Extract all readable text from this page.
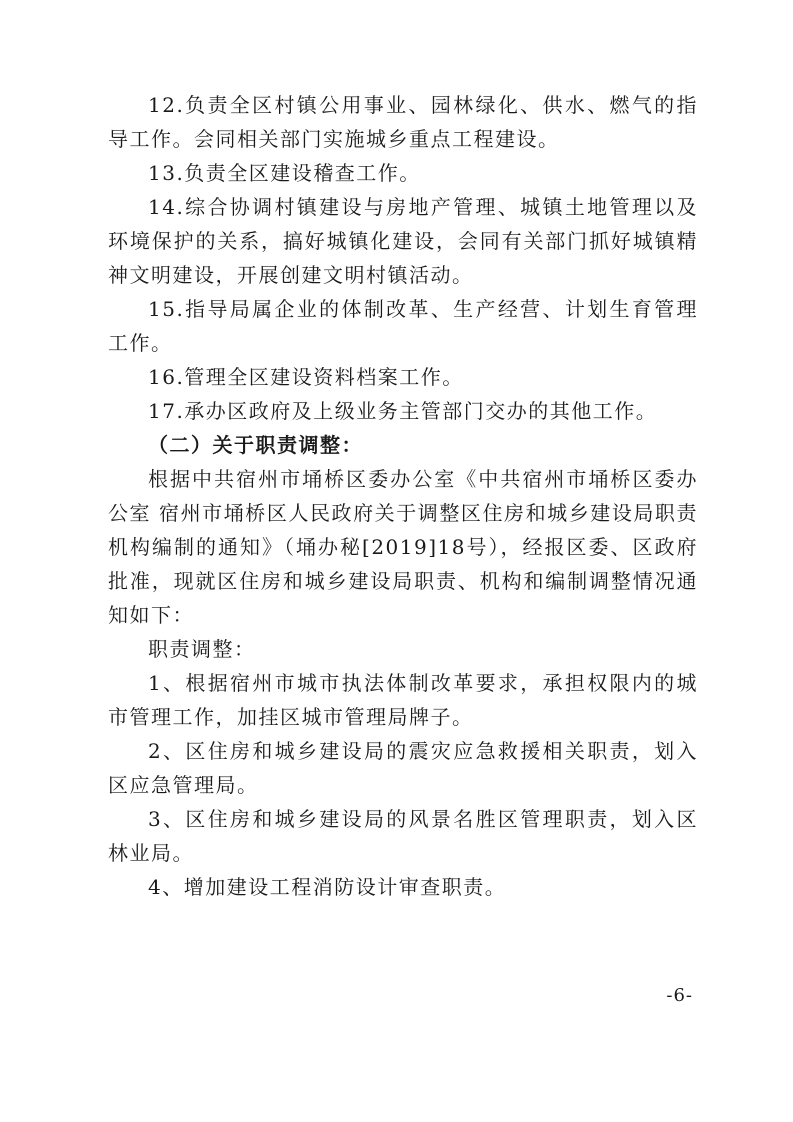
12.负责全区村镇公用事业、园林绿化、供水、燃气的指导工作。会同相关部门实施城乡重点工程建设。

13.负责全区建设稽查工作。

14.综合协调村镇建设与房地产管理、城镇土地管理以及环境保护的关系，搞好城镇化建设，会同有关部门抓好城镇精神文明建设，开展创建文明村镇活动。

15.指导局属企业的体制改革、生产经营、计划生育管理工作。

16.管理全区建设资料档案工作。

17.承办区政府及上级业务主管部门交办的其他工作。

（二）关于职责调整：

根据中共宿州市埇桥区委办公室《中共宿州市埇桥区委办公室 宿州市埇桥区人民政府关于调整区住房和城乡建设局职责机构编制的通知》（埇办秘[2019]18号），经报区委、区政府批准，现就区住房和城乡建设局职责、机构和编制调整情况通知如下：

职责调整：

1、根据宿州市城市执法体制改革要求，承担权限内的城市管理工作，加挂区城市管理局牌子。

2、区住房和城乡建设局的震灾应急救援相关职责，划入区应急管理局。

3、区住房和城乡建设局的风景名胜区管理职责，划入区林业局。

4、增加建设工程消防设计审查职责。

-6-
